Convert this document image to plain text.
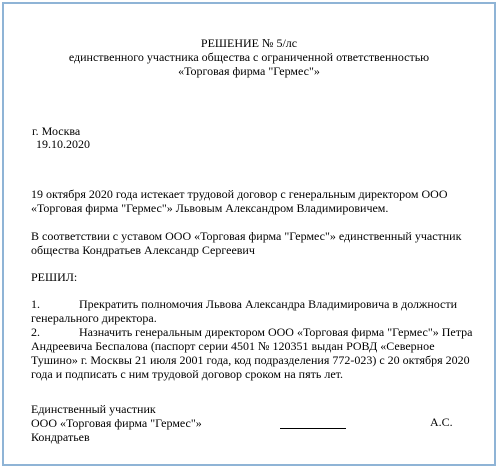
РЕШЕНИЕ № 5/лс
единственного участника общества с ограниченной ответственностью
«Торговая фирма "Гермес"»
г. Москва
19.10.2020
19 октября 2020 года истекает трудовой договор с генеральным директором ООО «Торговая фирма "Гермес"» Львовым Александром Владимировичем.
В соответствии с уставом ООО «Торговая фирма "Гермес"» единственный участник общества Кондратьев Александр Сергеевич
РЕШИЛ:
1.	Прекратить полномочия Львова Александра Владимировича в должности генерального директора.

2.	Назначить генеральным директором ООО «Торговая фирма "Гермес"» Петра Андреевича Беспалова (паспорт серии 4501 № 120351 выдан РОВД «Северное Тушино» г. Москвы 21 июля 2001 года, код подразделения 772-023) с 20 октября 2020 года и подписать с ним трудовой договор сроком на пять лет.

Единственный участник
ООО «Торговая фирма "Гермес"»
Кондратьев
А.С.
